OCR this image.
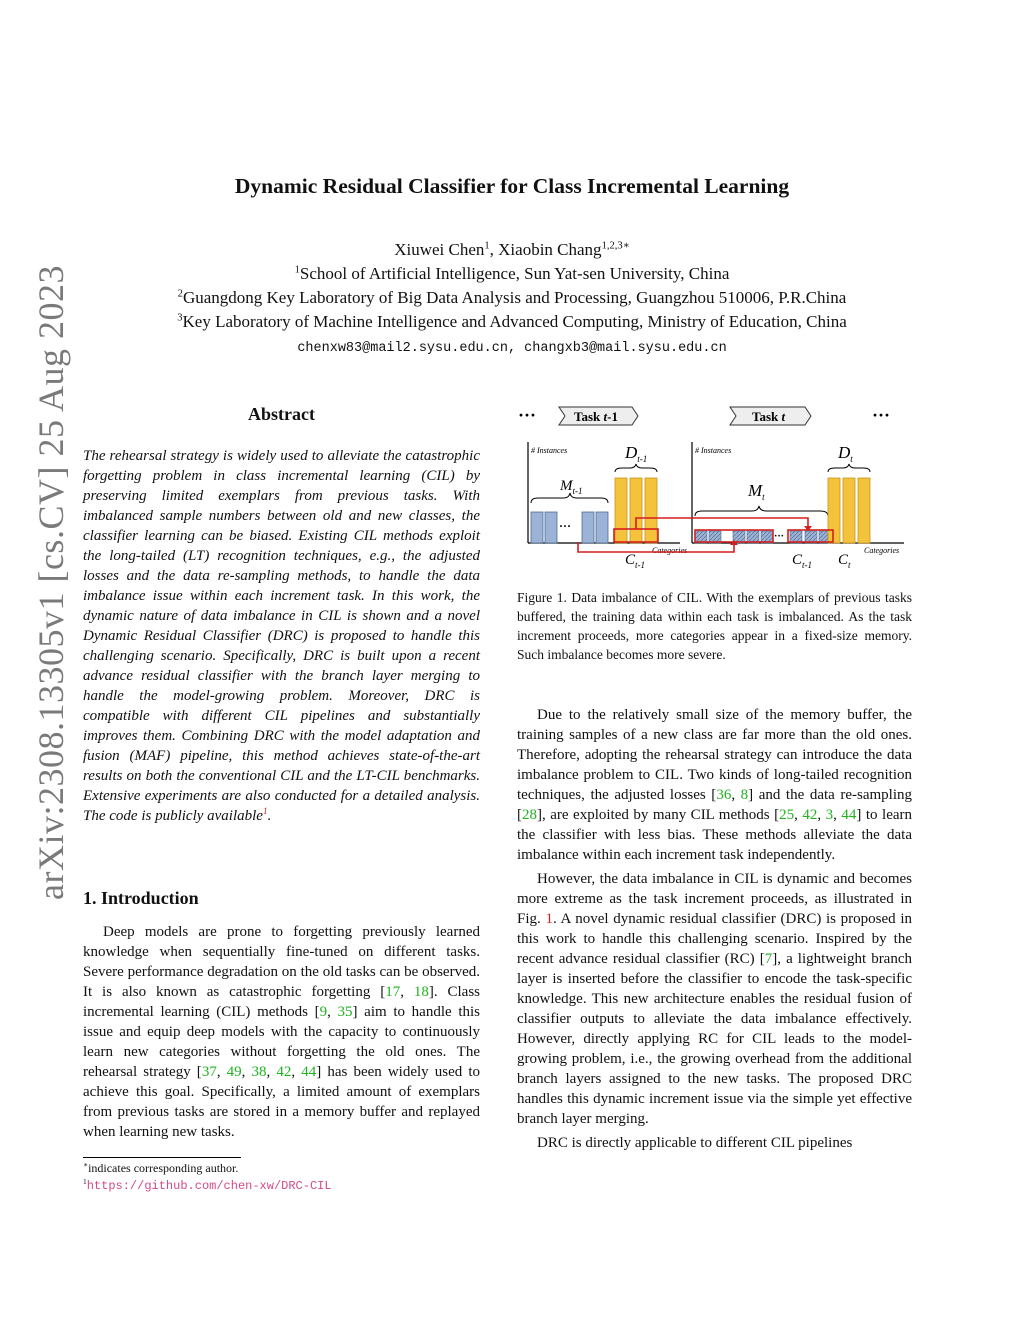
arXiv:2308.13305v1 [cs.CV] 25 Aug 2023
Dynamic Residual Classifier for Class Incremental Learning
Xiuwei Chen$^1$, Xiaobin Chang$^{1,2,3∗}$
$^1$School of Artificial Intelligence, Sun Yat-sen University, China
$^2$Guangdong Key Laboratory of Big Data Analysis and Processing, Guangzhou 510006, P.R.China
$^3$Key Laboratory of Machine Intelligence and Advanced Computing, Ministry of Education, China
chenxw83@mail2.sysu.edu.cn, changxb3@mail.sysu.edu.cn
Abstract
The rehearsal strategy is widely used to alleviate the catastrophic forgetting problem in class incremental learning (CIL) by preserving limited exemplars from previous tasks. With imbalanced sample numbers between old and new classes, the classifier learning can be biased. Existing CIL methods exploit the long-tailed (LT) recognition techniques, e.g., the adjusted losses and the data re-sampling methods, to handle the data imbalance issue within each increment task. In this work, the dynamic nature of data imbalance in CIL is shown and a novel Dynamic Residual Classifier (DRC) is proposed to handle this challenging scenario. Specifically, DRC is built upon a recent advance residual classifier with the branch layer merging to handle the model-growing problem. Moreover, DRC is compatible with different CIL pipelines and substantially improves them. Combining DRC with the model adaptation and fusion (MAF) pipeline, this method achieves state-of-the-art results on both the conventional CIL and the LT-CIL benchmarks. Extensive experiments are also conducted for a detailed analysis. The code is publicly available$^1$.
1. Introduction

Deep models are prone to forgetting previously learned knowledge when sequentially fine-tuned on different tasks. Severe performance degradation on the old tasks can be observed. It is also known as catastrophic forgetting [17, 18]. Class incremental learning (CIL) methods [9, 35] aim to handle this issue and equip deep models with the capacity to continuously learn new categories without forgetting the old ones. The rehearsal strategy [37, 49, 38, 42, 44] has been widely used to achieve this goal. Specifically, a limited amount of exemplars from previous tasks are stored in a memory buffer and replayed when learning new tasks.

∗indicates corresponding author.
$^1$https://github.com/chen-xw/DRC-CIL
···	Task t-1	Task t	···
# Instances
Categories
···
$M_{t-1}$
$D_{t-1}$
$C_{t-1}$
# Instances
Categories
···
$M_t$
$D_t$
$C_{t-1}$ $C_t$
Figure 1. Data imbalance of CIL. With the exemplars of previous tasks buffered, the training data within each task is imbalanced. As the task increment proceeds, more categories appear in a fixed-size memory. Such imbalance becomes more severe.

Due to the relatively small size of the memory buffer, the training samples of a new class are far more than the old ones. Therefore, adopting the rehearsal strategy can introduce the data imbalance problem to CIL. Two kinds of long-tailed recognition techniques, the adjusted losses [36, 8] and the data re-sampling [28], are exploited by many CIL methods [25, 42, 3, 44] to learn the classifier with less bias. These methods alleviate the data imbalance within each increment task independently.

However, the data imbalance in CIL is dynamic and becomes more extreme as the task increment proceeds, as illustrated in Fig. 1. A novel dynamic residual classifier (DRC) is proposed in this work to handle this challenging scenario. Inspired by the recent advance residual classifier (RC) [7], a lightweight branch layer is inserted before the classifier to encode the task-specific knowledge. This new architecture enables the residual fusion of classifier outputs to alleviate the data imbalance effectively. However, directly applying RC for CIL leads to the model-growing problem, i.e., the growing overhead from the additional branch layers assigned to the new tasks. The proposed DRC handles this dynamic increment issue via the simple yet effective branch layer merging.

DRC is directly applicable to different CIL pipelines
